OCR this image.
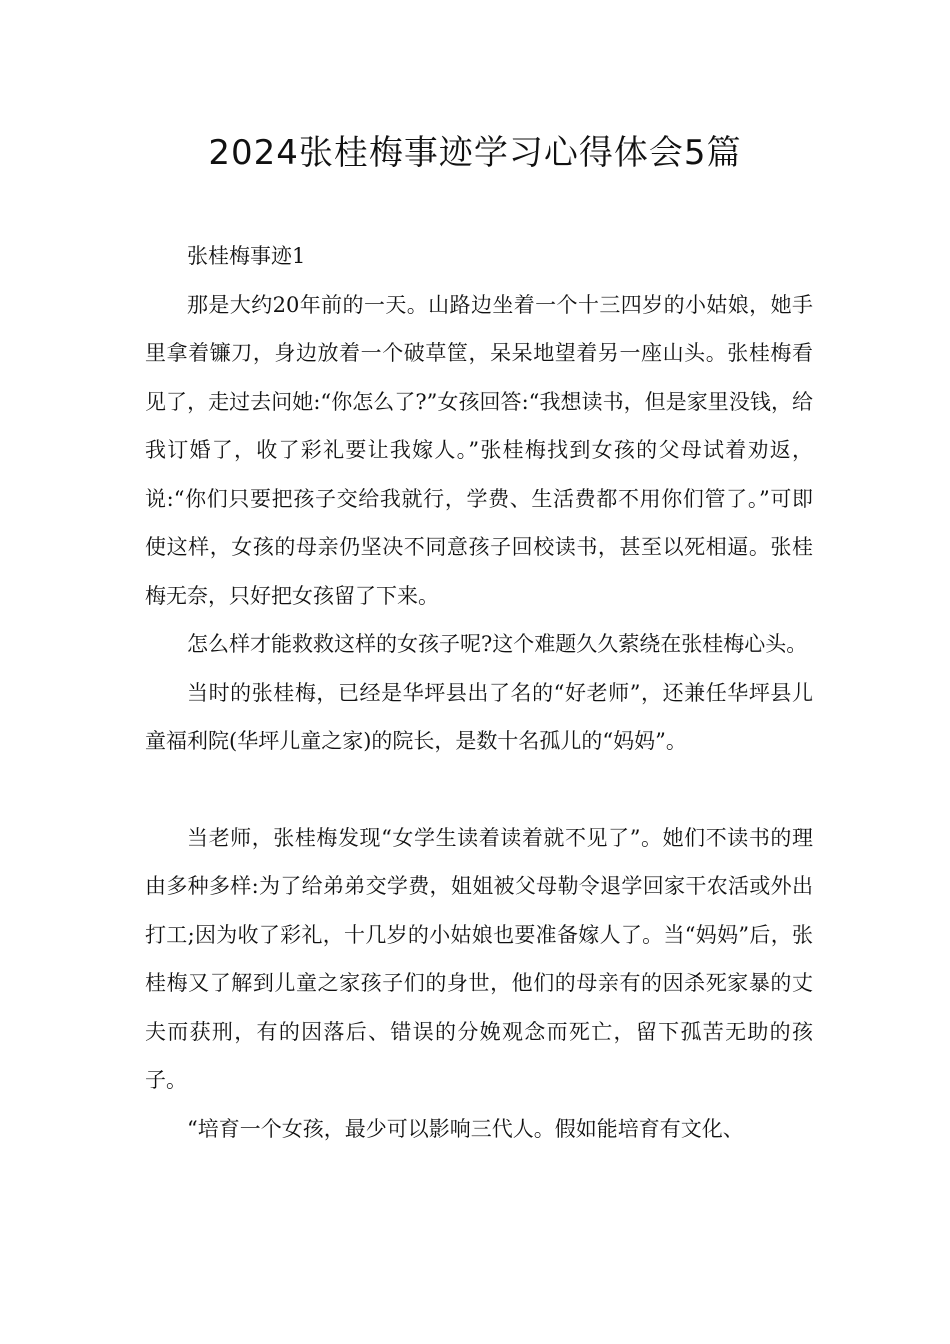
2024张桂梅事迹学习心得体会5篇

张桂梅事迹1

那是大约20年前的一天。山路边坐着一个十三四岁的小姑娘，她手里拿着镰刀，身边放着一个破草筐，呆呆地望着另一座山头。张桂梅看见了，走过去问她:“你怎么了?”女孩回答:“我想读书，但是家里没钱，给我订婚了，收了彩礼要让我嫁人。”张桂梅找到女孩的父母试着劝返，说:“你们只要把孩子交给我就行，学费、生活费都不用你们管了。”可即使这样，女孩的母亲仍坚决不同意孩子回校读书，甚至以死相逼。张桂梅无奈，只好把女孩留了下来。

怎么样才能救救这样的女孩子呢?这个难题久久萦绕在张桂梅心头。

当时的张桂梅，已经是华坪县出了名的“好老师”，还兼任华坪县儿童福利院(华坪儿童之家)的院长，是数十名孤儿的“妈妈”。

当老师，张桂梅发现“女学生读着读着就不见了”。她们不读书的理由多种多样:为了给弟弟交学费，姐姐被父母勒令退学回家干农活或外出打工;因为收了彩礼，十几岁的小姑娘也要准备嫁人了。当“妈妈”后，张桂梅又了解到儿童之家孩子们的身世，他们的母亲有的因杀死家暴的丈夫而获刑，有的因落后、错误的分娩观念而死亡，留下孤苦无助的孩子。

“培育一个女孩，最少可以影响三代人。假如能培育有文化、
